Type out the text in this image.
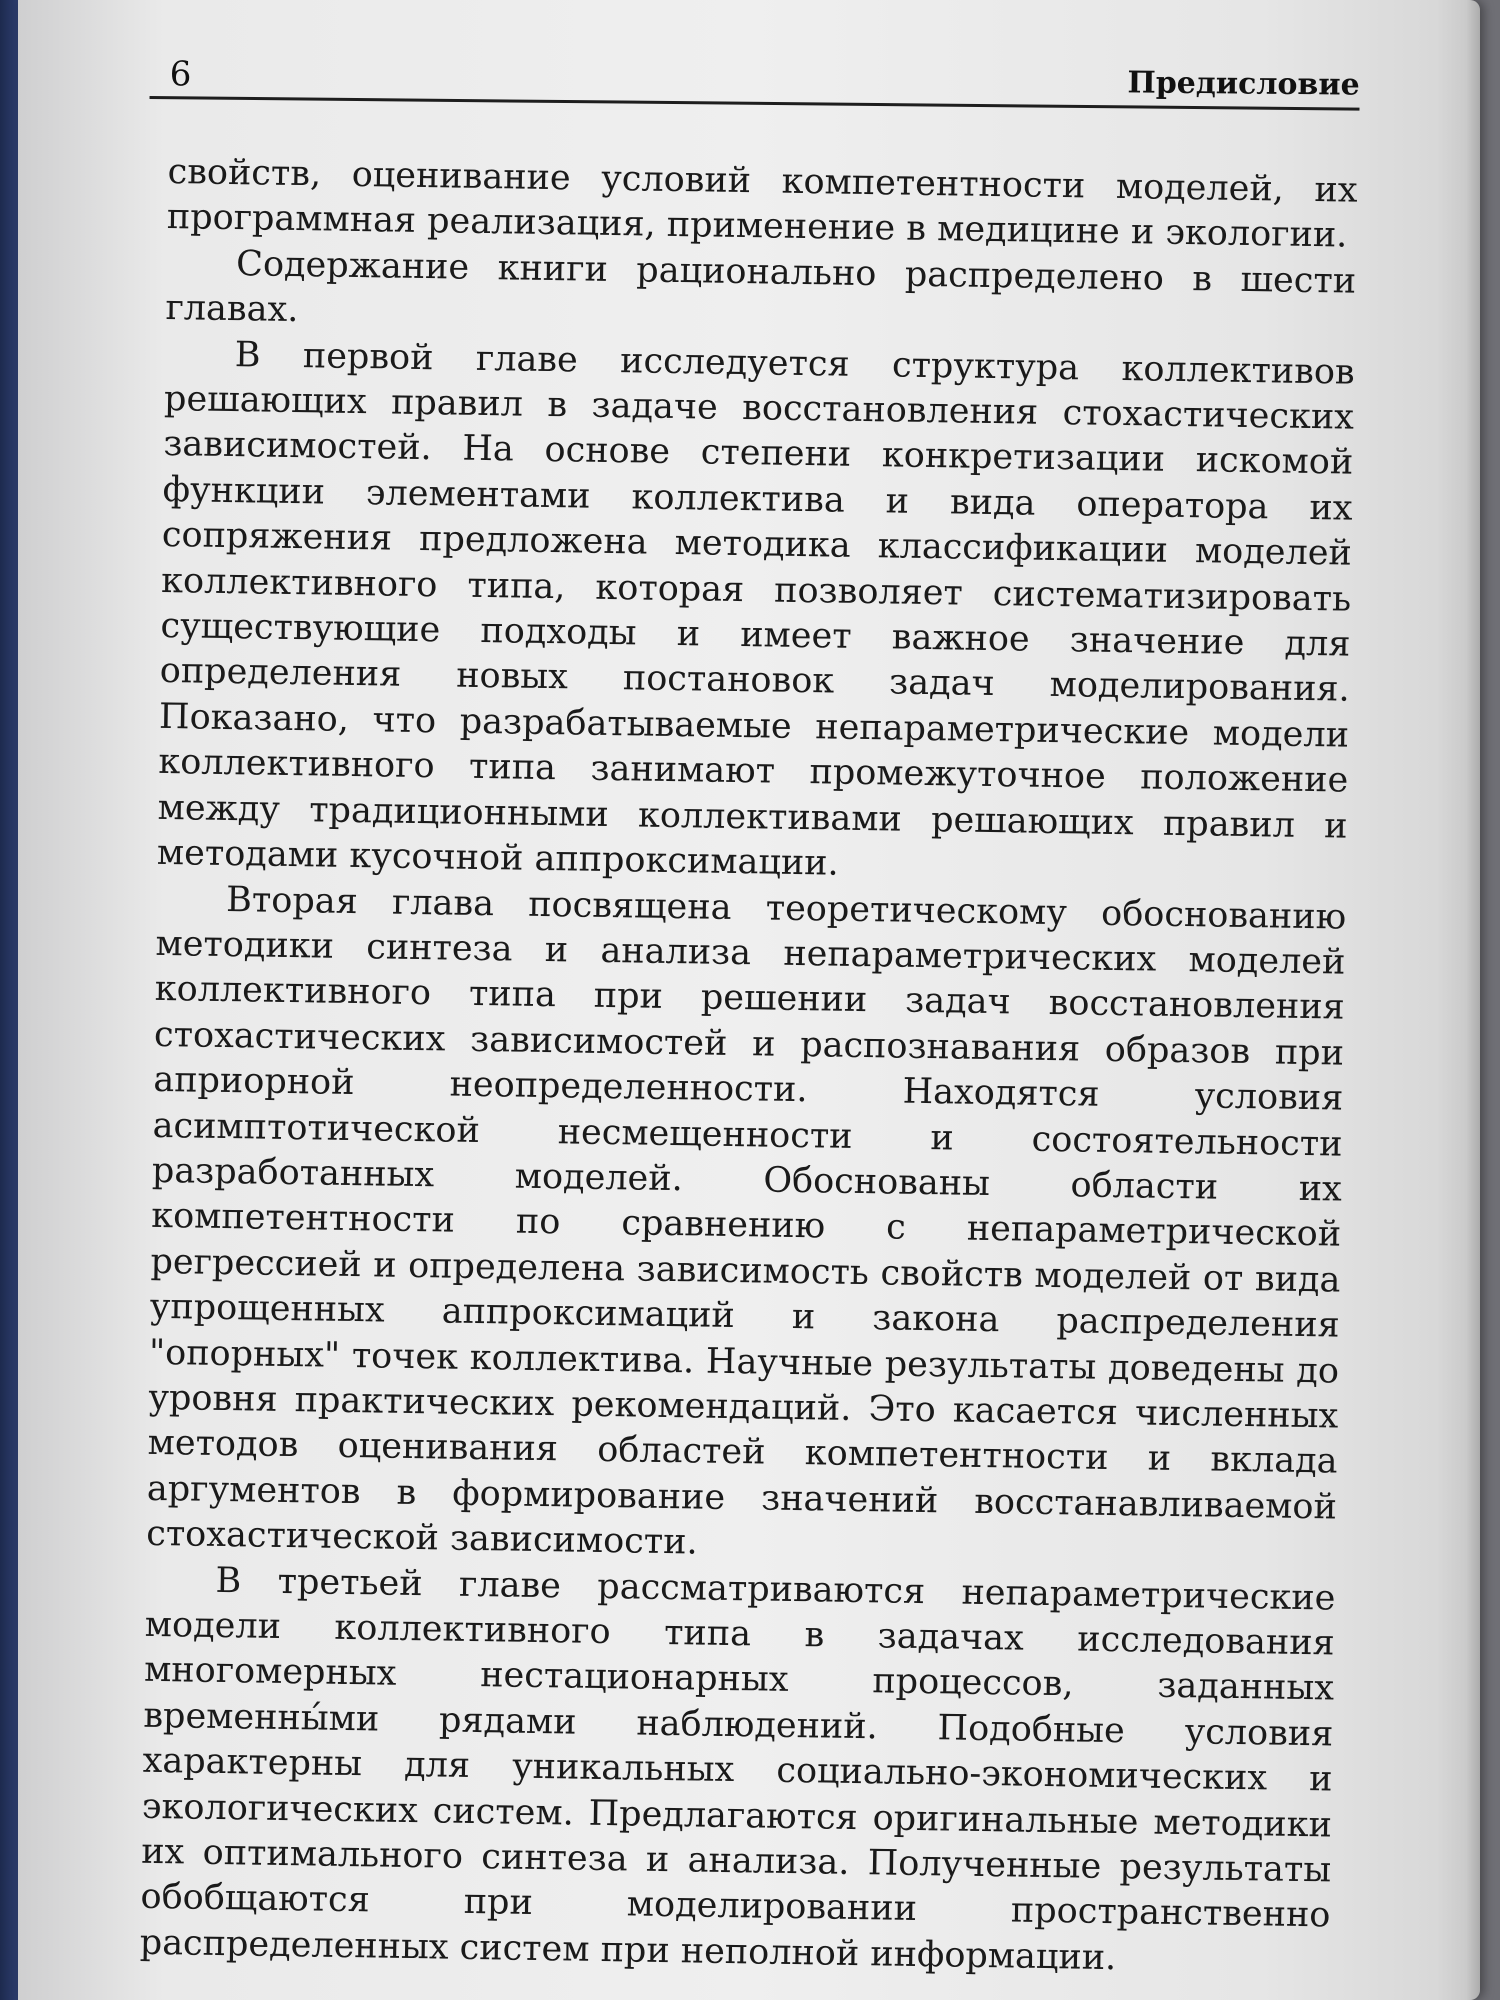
6	Предисловие

свойств, оценивание условий компетентности моделей, их программная реализация, применение в медицине и экологии.

Содержание книги рационально распределено в шести главах.

В первой главе исследуется структура коллективов решающих правил в задаче восстановления стохастических зависимостей. На основе степени конкретизации искомой функции элементами коллектива и вида оператора их сопряжения предложена методика классификации моделей коллективного типа, которая позволяет систематизировать существующие подходы и имеет важное значение для определения новых постановок задач моделирования. Показано, что разрабатываемые непараметрические модели коллективного типа занимают промежуточное положение между традиционными коллективами решающих правил и методами кусочной аппроксимации.

Вторая глава посвящена теоретическому обоснованию методики синтеза и анализа непараметрических моделей коллективного типа при решении задач восстановления стохастических зависимостей и распознавания образов при априорной неопределенности. Находятся условия асимптотической несмещенности и состоятельности разработанных моделей. Обоснованы области их компетентности по сравнению с непараметрической регрессией и определена зависимость свойств моделей от вида упрощенных аппроксимаций и закона распределения "опорных" точек коллектива. Научные результаты доведены до уровня практических рекомендаций. Это касается численных методов оценивания областей компетентности и вклада аргументов в формирование значений восстанавливаемой стохастической зависимости.

В третьей главе рассматриваются непараметрические модели коллективного типа в задачах исследования многомерных нестационарных процессов, заданных временны́ми рядами наблюдений. Подобные условия характерны для уникальных социально-экономических и экологических систем. Предлагаются оригинальные методики их оптимального синтеза и анализа. Полученные результаты обобщаются при моделировании пространственно распределенных систем при неполной информации.
